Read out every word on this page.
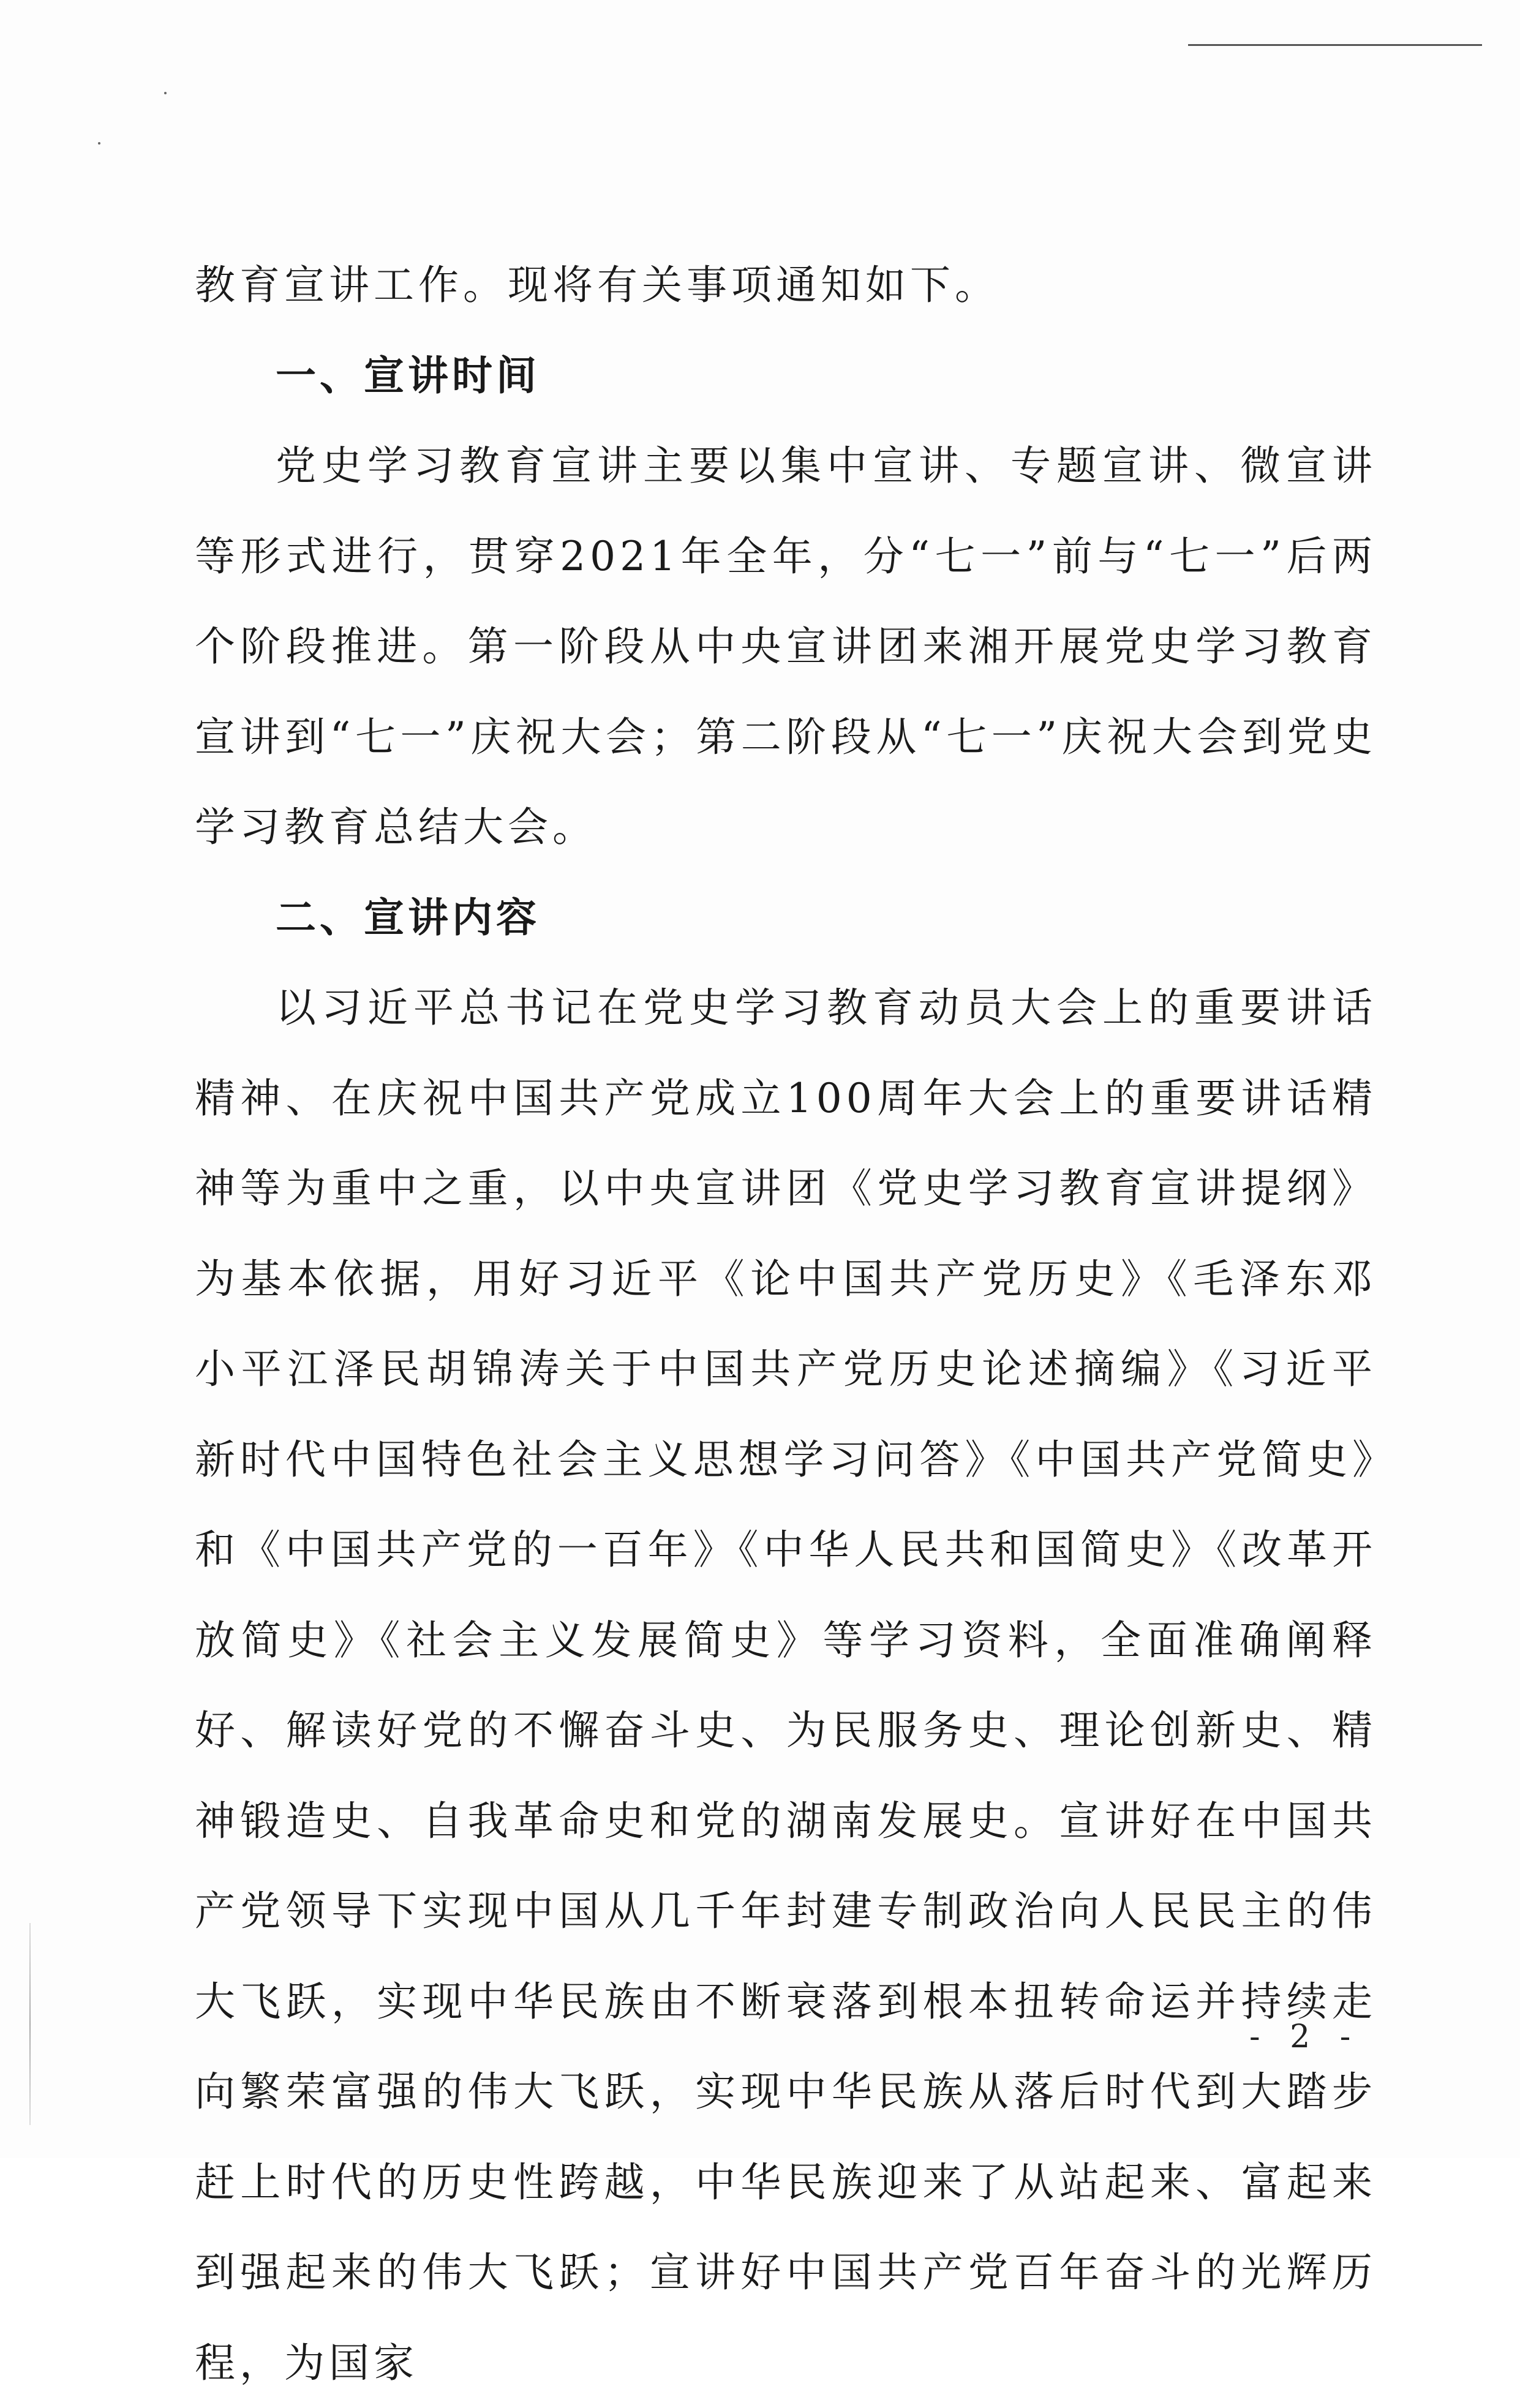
教育宣讲工作。现将有关事项通知如下。

一、宣讲时间

党史学习教育宣讲主要以集中宣讲、专题宣讲、微宣讲等形式进行，贯穿2021年全年，分“七一”前与“七一”后两个阶段推进。第一阶段从中央宣讲团来湘开展党史学习教育宣讲到“七一”庆祝大会；第二阶段从“七一”庆祝大会到党史学习教育总结大会。

二、宣讲内容

以习近平总书记在党史学习教育动员大会上的重要讲话精神、在庆祝中国共产党成立100周年大会上的重要讲话精神等为重中之重，以中央宣讲团《党史学习教育宣讲提纲》为基本依据，用好习近平《论中国共产党历史》《毛泽东邓小平江泽民胡锦涛关于中国共产党历史论述摘编》《习近平新时代中国特色社会主义思想学习问答》《中国共产党简史》和《中国共产党的一百年》《中华人民共和国简史》《改革开放简史》《社会主义发展简史》等学习资料，全面准确阐释好、解读好党的不懈奋斗史、为民服务史、理论创新史、精神锻造史、自我革命史和党的湖南发展史。宣讲好在中国共产党领导下实现中国从几千年封建专制政治向人民民主的伟大飞跃，实现中华民族由不断衰落到根本扭转命运并持续走向繁荣富强的伟大飞跃，实现中华民族从落后时代到大踏步赶上时代的历史性跨越，中华民族迎来了从站起来、富起来到强起来的伟大飞跃；宣讲好中国共产党百年奋斗的光辉历程，为国家

- 2 -
